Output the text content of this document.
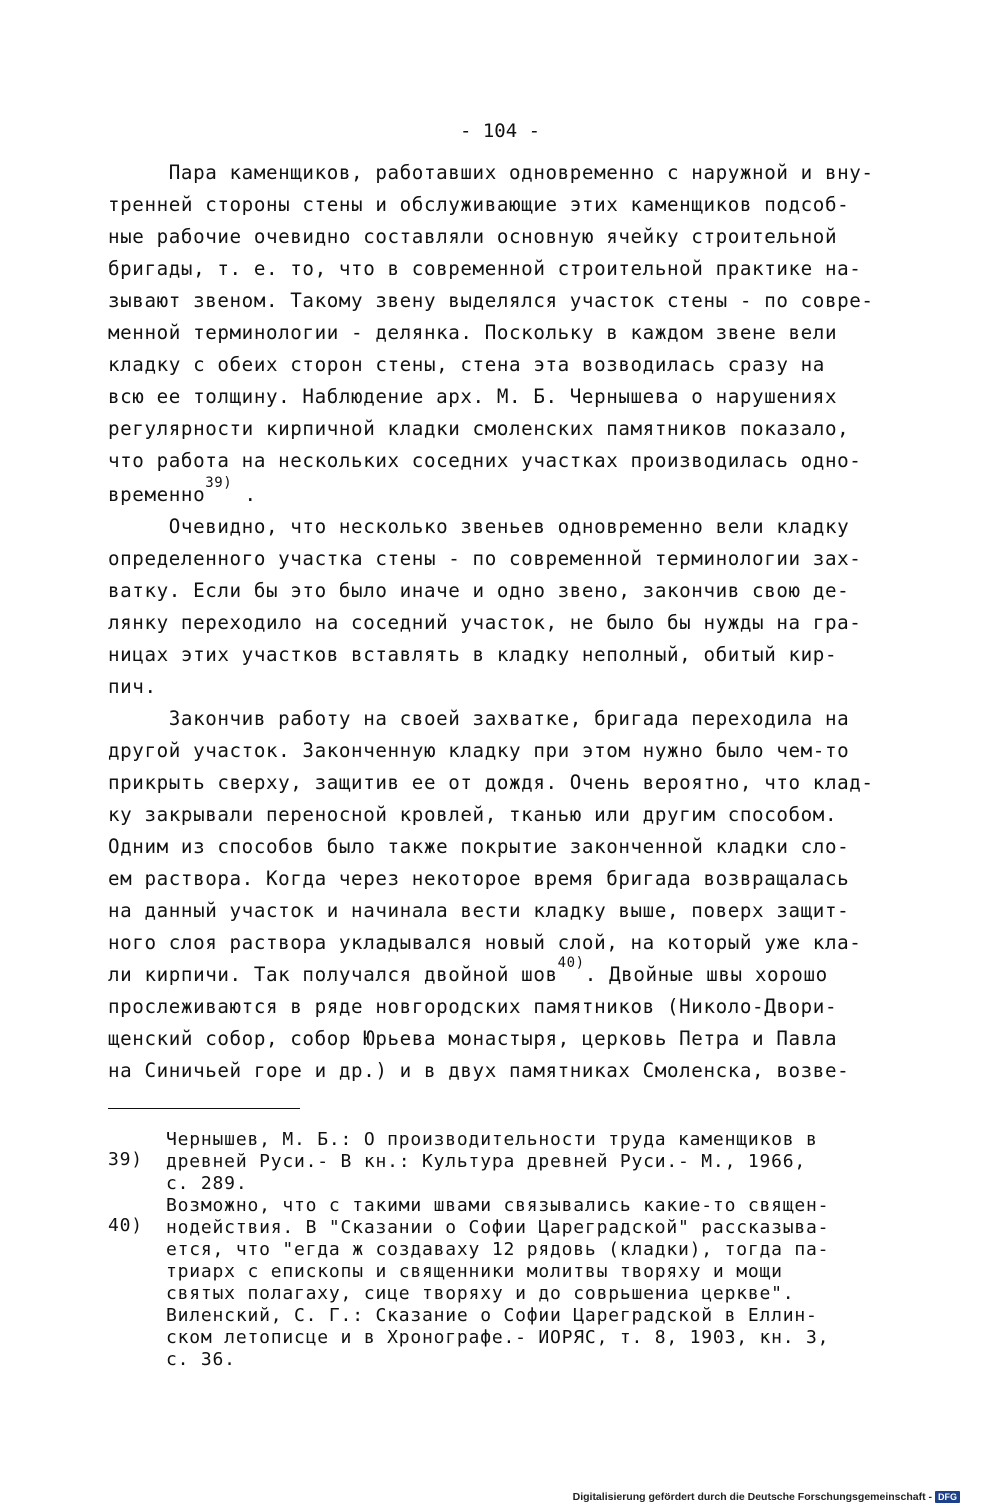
- 104 -
Пара каменщиков, работавших одновременно с наружной и вну-
тренней стороны стены и обслуживающие этих каменщиков подсоб-
ные рабочие очевидно составляли основную ячейку строительной
бригады, т. е. то, что в современной строительной практике на-
зывают звеном. Такому звену выделялся участок стены - по совре-
менной терминологии - делянка. Поскольку в каждом звене вели
кладку с обеих сторон стены, стена эта возводилась сразу на
всю ее толщину. Наблюдение арх. М. Б. Чернышева о нарушениях
регулярности кирпичной кладки смоленских памятников показало,
что работа на нескольких соседних участках производилась одно-
временно$^{39)}$ .
Очевидно, что несколько звеньев одновременно вели кладку
определенного участка стены - по современной терминологии зах-
ватку. Если бы это было иначе и одно звено, закончив свою де-
лянку переходило на соседний участок, не было бы нужды на гра-
ницах этих участков вставлять в кладку неполный, обитый кир-
пич.
Закончив работу на своей захватке, бригада переходила на
другой участок. Законченную кладку при этом нужно было чем-то
прикрыть сверху, защитив ее от дождя. Очень вероятно, что клад-
ку закрывали переносной кровлей, тканью или другим способом.
Одним из способов было также покрытие законченной кладки сло-
ем раствора. Когда через некоторое время бригада возвращалась
на данный участок и начинала вести кладку выше, поверх защит-
ного слоя раствора укладывался новый слой, на который уже кла-
ли кирпичи. Так получался двойной шов$^{40)}$. Двойные швы хорошо
прослеживаются в ряде новгородских памятников (Николо-Двори-
щенский собор, собор Юрьева монастыря, церковь Петра и Павла
на Синичьей горе и др.) и в двух памятниках Смоленска, возве-

39)

Чернышев, М. Б.: О производительности труда каменщиков в

древней Руси.- В кн.: Культура древней Руси.- М., 1966,

с. 289.

40)

Возможно, что с такими швами связывались какие-то священ-

нодействия. В "Сказании о Софии Цареградской" рассказыва-

ется, что "егда ж создаваху 12 рядовь (кладки), тогда па-

триарх с епископы и священники молитвы творяху и мощи

святых полагаху, сице творяху и до соврьшениа церкве".

Виленский, С. Г.: Сказание о Софии Цареградской в Еллин-

ском летописце и в Хронографе.- ИОРЯС, т. 8, 1903, кн. 3,

с. 36.

Digitalisierung gefördert durch die Deutsche Forschungsgemeinschaft - DFG
